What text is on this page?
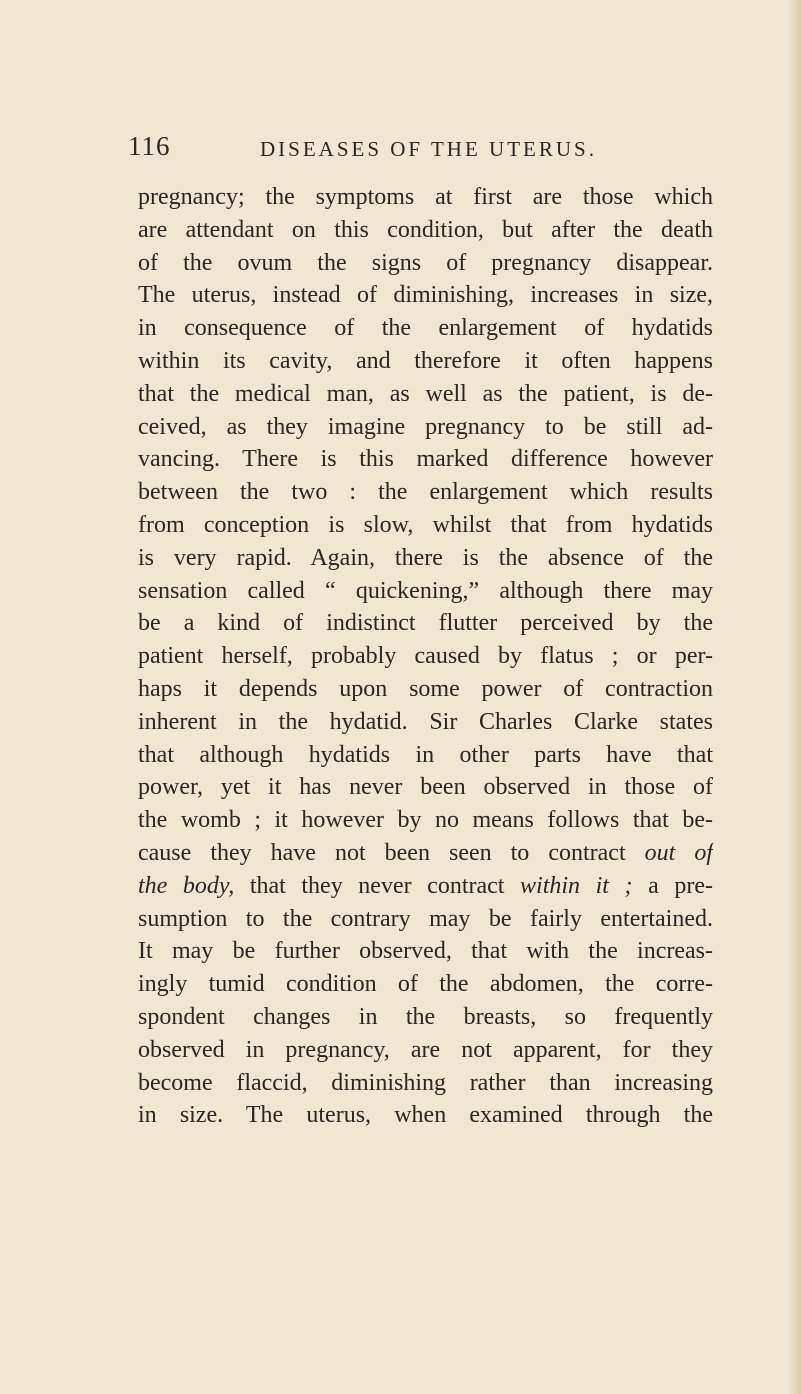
116	DISEASES OF THE UTERUS.
pregnancy; the symptoms at first are those which
are attendant on this condition, but after the death
of the ovum the signs of pregnancy disappear.
The uterus, instead of diminishing, increases in size,
in consequence of the enlargement of hydatids
within its cavity, and therefore it often happens
that the medical man, as well as the patient, is de-
ceived, as they imagine pregnancy to be still ad-
vancing. There is this marked difference however
between the two : the enlargement which results
from conception is slow, whilst that from hydatids
is very rapid. Again, there is the absence of the
sensation called “ quickening,” although there may
be a kind of indistinct flutter perceived by the
patient herself, probably caused by flatus ; or per-
haps it depends upon some power of contraction
inherent in the hydatid. Sir Charles Clarke states
that although hydatids in other parts have that
power, yet it has never been observed in those of
the womb ; it however by no means follows that be-
cause they have not been seen to contract out of
the body, that they never contract within it ; a pre-
sumption to the contrary may be fairly entertained.
It may be further observed, that with the increas-
ingly tumid condition of the abdomen, the corre-
spondent changes in the breasts, so frequently
observed in pregnancy, are not apparent, for they
become flaccid, diminishing rather than increasing
in size. The uterus, when examined through the
